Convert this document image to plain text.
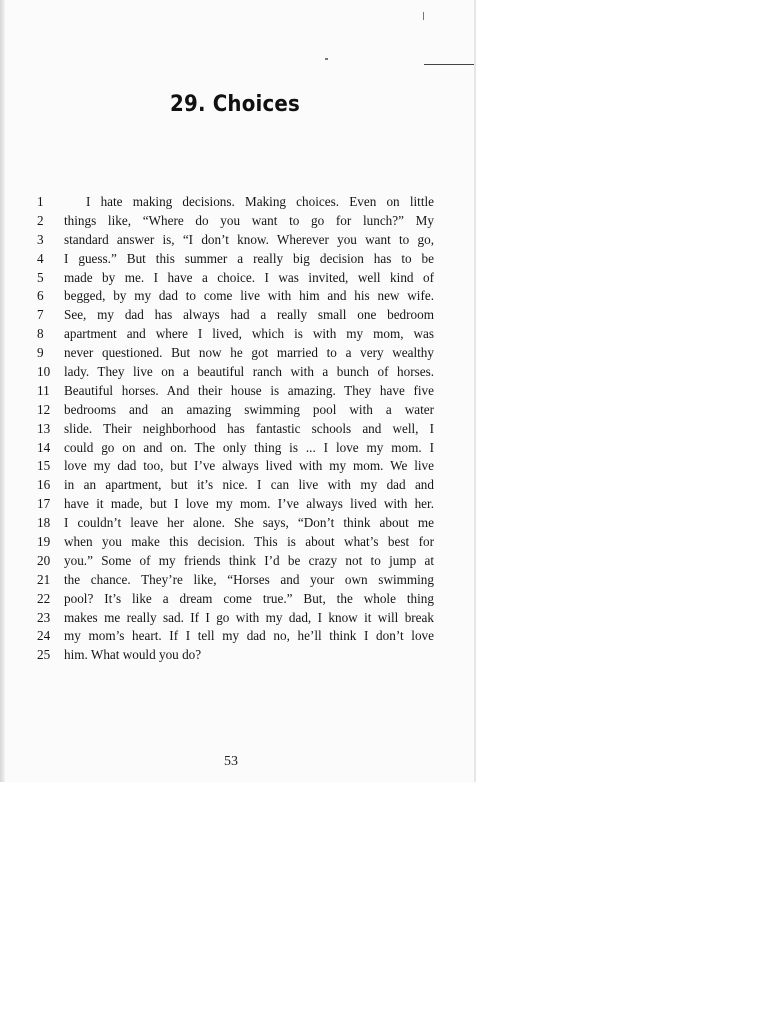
29. Choices
1	I hate making decisions. Making choices. Even on little
2	things like, “Where do you want to go for lunch?” My
3	standard answer is, “I don’t know. Wherever you want to go,
4	I guess.” But this summer a really big decision has to be
5	made by me. I have a choice. I was invited, well kind of
6	begged, by my dad to come live with him and his new wife.
7	See, my dad has always had a really small one bedroom
8	apartment and where I lived, which is with my mom, was
9	never questioned. But now he got married to a very wealthy
10	lady. They live on a beautiful ranch with a bunch of horses.
11	Beautiful horses. And their house is amazing. They have five
12	bedrooms and an amazing swimming pool with a water
13	slide. Their neighborhood has fantastic schools and well, I
14	could go on and on. The only thing is ... I love my mom. I
15	love my dad too, but I’ve always lived with my mom. We live
16	in an apartment, but it’s nice. I can live with my dad and
17	have it made, but I love my mom. I’ve always lived with her.
18	I couldn’t leave her alone. She says, “Don’t think about me
19	when you make this decision. This is about what’s best for
20	you.” Some of my friends think I’d be crazy not to jump at
21	the chance. They’re like, “Horses and your own swimming
22	pool? It’s like a dream come true.” But, the whole thing
23	makes me really sad. If I go with my dad, I know it will break
24	my mom’s heart. If I tell my dad no, he’ll think I don’t love
25	him. What would you do?
53
